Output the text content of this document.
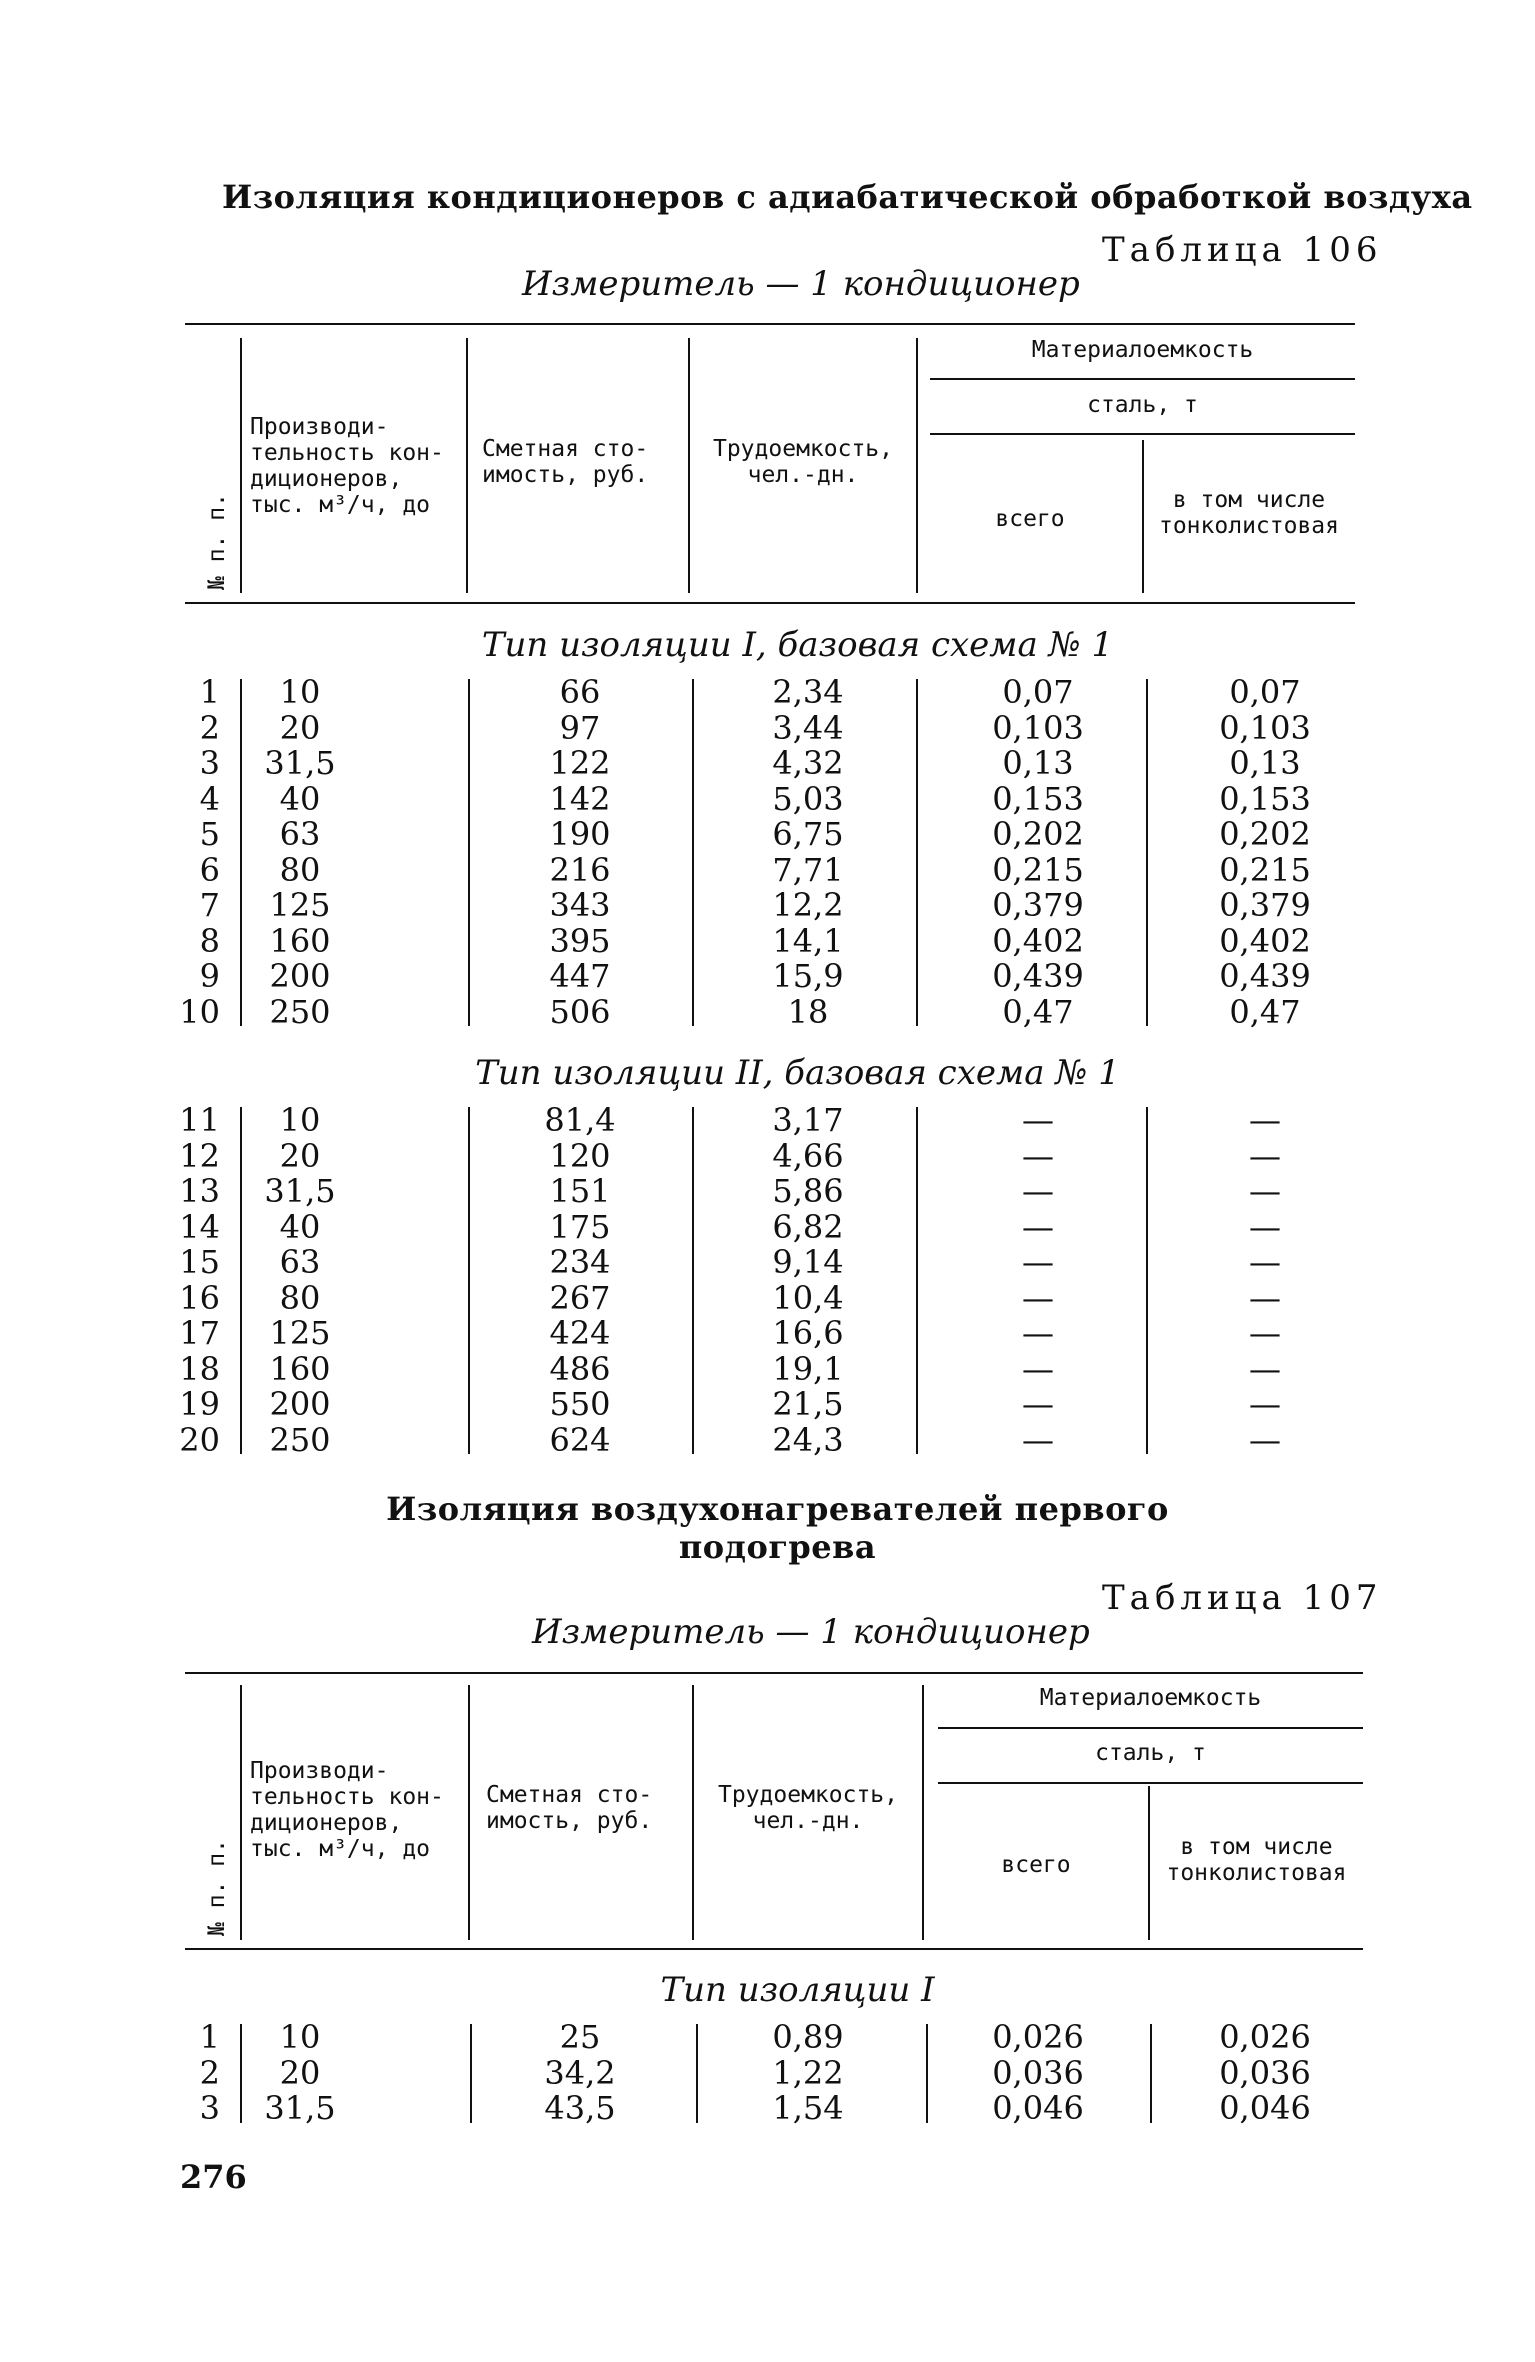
Изоляция кондиционеров с адиабатической обработкой воздуха
Таблица 106
Измеритель — 1 кондиционер
№ п. п.
Производи-
тельность кон-
диционеров,
тыс. м³/ч, до
Сметная сто-
имость, руб.
Трудоемкость,
чел.-дн.
Материалоемкость
сталь, т
всего
в том числе
тонколистовая
Тип изоляции I, базовая схема № 1
1	10	66	2,34	0,07	0,07
2	20	97	3,44	0,103	0,103
3	31,5	122	4,32	0,13	0,13
4	40	142	5,03	0,153	0,153
5	63	190	6,75	0,202	0,202
6	80	216	7,71	0,215	0,215
7	125	343	12,2	0,379	0,379
8	160	395	14,1	0,402	0,402
9	200	447	15,9	0,439	0,439
10	250	506	18	0,47	0,47
Тип изоляции II, базовая схема № 1
11	10	81,4	3,17	—	—
12	20	120	4,66	—	—
13	31,5	151	5,86	—	—
14	40	175	6,82	—	—
15	63	234	9,14	—	—
16	80	267	10,4	—	—
17	125	424	16,6	—	—
18	160	486	19,1	—	—
19	200	550	21,5	—	—
20	250	624	24,3	—	—
Изоляция воздухонагревателей первого
подогрева
Таблица 107
Измеритель — 1 кондиционер
№ п. п.
Производи-
тельность кон-
диционеров,
тыс. м³/ч, до
Сметная сто-
имость, руб.
Трудоемкость,
чел.-дн.
Материалоемкость
сталь, т
всего
в том числе
тонколистовая
Тип изоляции I
1	10	25	0,89	0,026	0,026
2	20	34,2	1,22	0,036	0,036
3	31,5	43,5	1,54	0,046	0,046
276
